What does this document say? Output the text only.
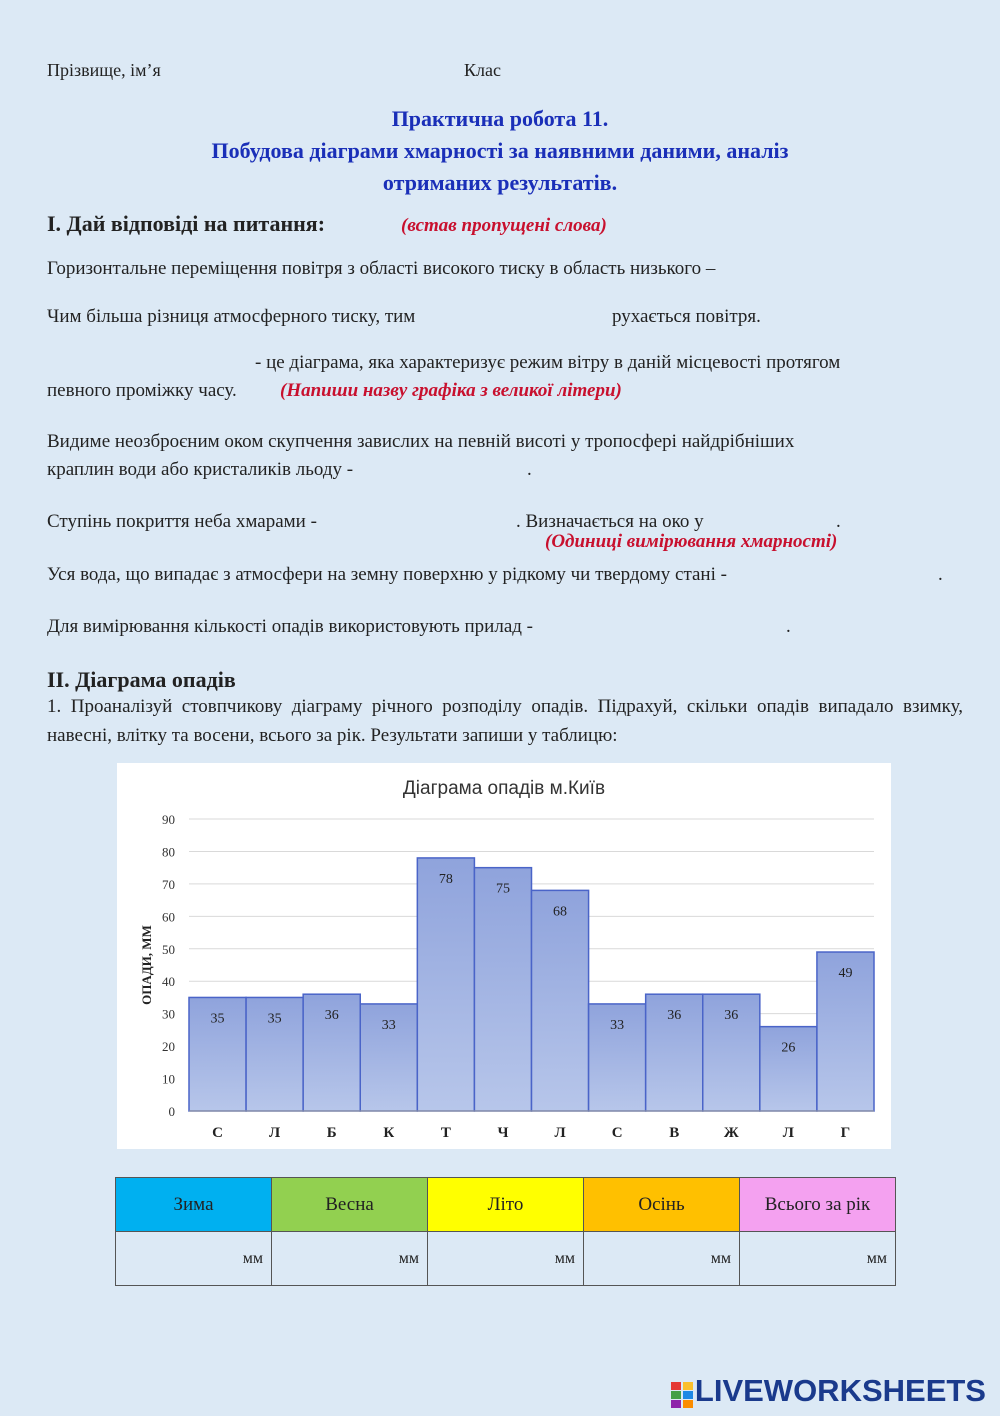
Прізвище, ім’я	Клас
Практична робота 11.
Побудова діаграми хмарності за наявними даними, аналіз
отриманих результатів.
І. Дай відповіді на питання:	(встав пропущені слова)
Горизонтальне переміщення повітря з області високого тиску в область низького –
Чим більша різниця атмосферного тиску, тим	рухається повітря.
- це діаграма, яка характеризує режим вітру в даній місцевості протягом
певного проміжку часу. (Напиши назву графіка з великої літери)
Видиме неозброєним оком скупчення завислих на певній висоті у тропосфері найдрібніших
краплин води або кристаликів льоду -	.
Ступінь покриття неба хмарами -	. Визначається на око у	.
(Одиниці вимірювання хмарності)
Уся вода, що випадає з атмосфери на земну поверхню у рідкому чи твердому стані -	.
Для вимірювання кількості опадів використовують прилад -	.
ІІ. Діаграма опадів
1. Проаналізуй стовпчикову діаграму річного розподілу опадів. Підрахуй, скільки опадів випадало взимку, навесні, влітку та восени, всього за рік. Результати запиши у таблицю:
Діаграма опадів м.Київ
0
10
20
30
40
50
60
70
80
90
ОПАДИ, ММ
35
С
35
Л
36
Б
33
К
78
Т
75
Ч
68
Л
33
С
36
В
36
Ж
26
Л
49
Г
Зима	Весна	Літо	Осінь	Всього за рік
мм	мм	мм	мм	мм
LIVEWORKSHEETS
